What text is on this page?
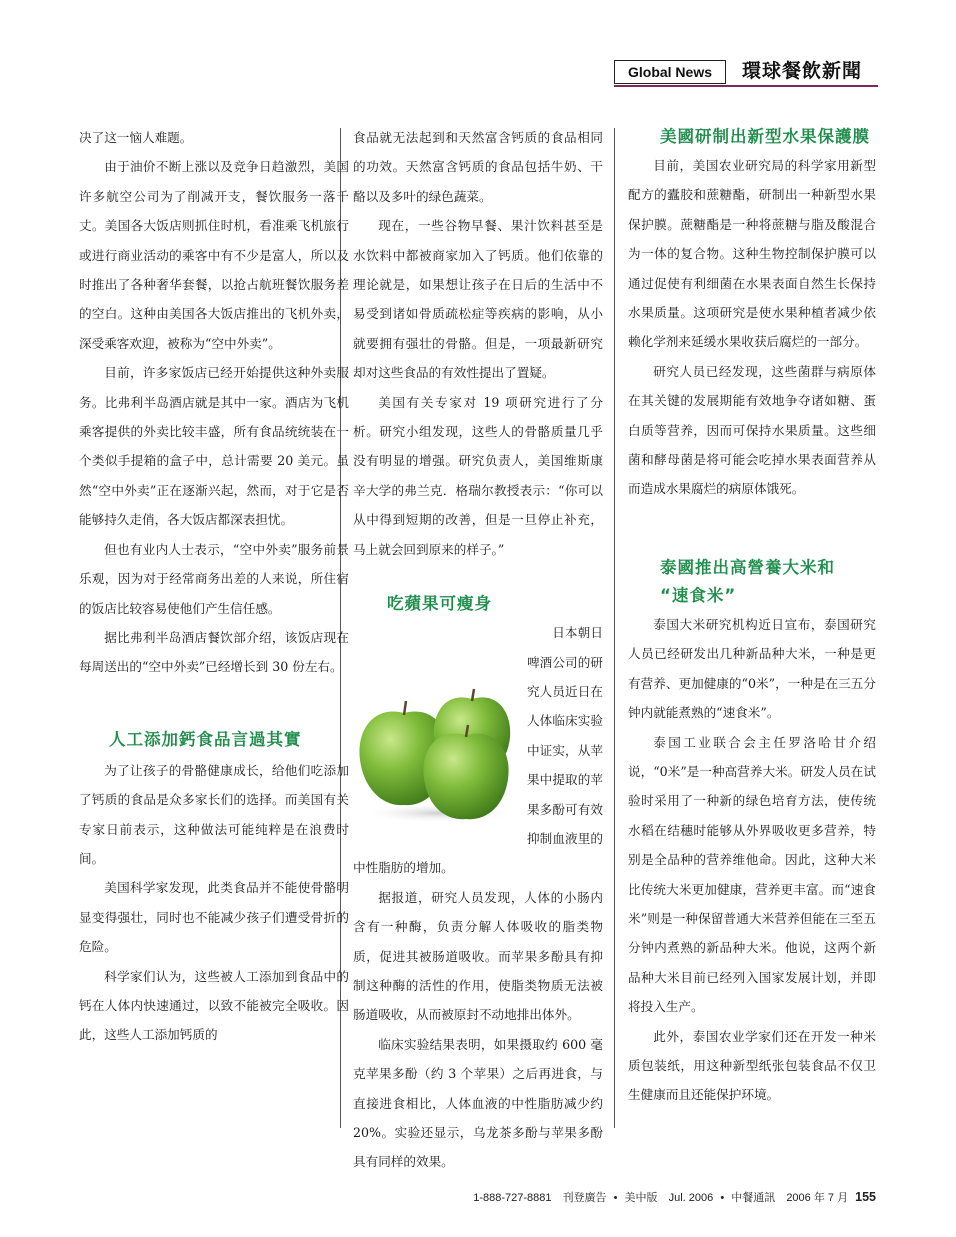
Global News	環球餐飲新聞

决了这一恼人难题。

由于油价不断上涨以及竞争日趋激烈，美国许多航空公司为了削减开支，餐饮服务一落千丈。美国各大饭店则抓住时机，看准乘飞机旅行或进行商业活动的乘客中有不少是富人，所以及时推出了各种奢华套餐，以抢占航班餐饮服务差的空白。这种由美国各大饭店推出的飞机外卖，深受乘客欢迎，被称为“空中外卖”。

目前，许多家饭店已经开始提供这种外卖服务。比弗利半岛酒店就是其中一家。酒店为飞机乘客提供的外卖比较丰盛，所有食品统统装在一个类似手提箱的盒子中，总计需要 20 美元。虽然“空中外卖”正在逐渐兴起，然而，对于它是否能够持久走俏，各大饭店都深表担忧。

但也有业内人士表示，“空中外卖”服务前景乐观，因为对于经常商务出差的人来说，所住宿的饭店比较容易使他们产生信任感。

据比弗利半岛酒店餐饮部介绍，该饭店现在每周送出的“空中外卖”已经增长到 30 份左右。

人工添加鈣食品言過其實

为了让孩子的骨骼健康成长，给他们吃添加了钙质的食品是众多家长们的选择。而美国有关专家日前表示，这种做法可能纯粹是在浪费时间。

美国科学家发现，此类食品并不能使骨骼明显变得强壮，同时也不能减少孩子们遭受骨折的危险。

科学家们认为，这些被人工添加到食品中的钙在人体内快速通过，以致不能被完全吸收。因此，这些人工添加钙质的

食品就无法起到和天然富含钙质的食品相同的功效。天然富含钙质的食品包括牛奶、干酪以及多叶的绿色蔬菜。

现在，一些谷物早餐、果汁饮料甚至是水饮料中都被商家加入了钙质。他们依靠的理论就是，如果想让孩子在日后的生活中不易受到诸如骨质疏松症等疾病的影响，从小就要拥有强壮的骨骼。但是，一项最新研究却对这些食品的有效性提出了置疑。

美国有关专家对 19 项研究进行了分析。研究小组发现，这些人的骨骼质量几乎没有明显的增强。研究负责人，美国维斯康辛大学的弗兰克．格瑞尔教授表示：“你可以从中得到短期的改善，但是一旦停止补充，马上就会回到原来的样子。”

吃蘋果可瘦身

日本朝日啤酒公司的研究人员近日在人体临床实验中证实，从苹果中提取的苹果多酚可有效抑制血液里的中性脂肪的增加。

据报道，研究人员发现，人体的小肠内含有一种酶，负责分解人体吸收的脂类物质，促进其被肠道吸收。而苹果多酚具有抑制这种酶的活性的作用，使脂类物质无法被肠道吸收，从而被原封不动地排出体外。

临床实验结果表明，如果摄取约 600 毫克苹果多酚（约 3 个苹果）之后再进食，与直接进食相比，人体血液的中性脂肪减少约 20%。实验还显示，乌龙茶多酚与苹果多酚具有同样的效果。

美國研制出新型水果保護膜

目前，美国农业研究局的科学家用新型配方的蠹胶和蔗糖酯，研制出一种新型水果保护膜。蔗糖酯是一种将蔗糖与脂及酸混合为一体的复合物。这种生物控制保护膜可以通过促使有利细菌在水果表面自然生长保持水果质量。这项研究是使水果种植者减少依赖化学剂来延缓水果收获后腐烂的一部分。

研究人员已经发现，这些菌群与病原体在其关键的发展期能有效地争夺诸如糖、蛋白质等营养，因而可保持水果质量。这些细菌和酵母菌是将可能会吃掉水果表面营养从而造成水果腐烂的病原体饿死。

泰國推出高營養大米和
“速食米”

泰国大米研究机构近日宣布，泰国研究人员已经研发出几种新品种大米，一种是更有营养、更加健康的“0米”，一种是在三五分钟内就能煮熟的“速食米”。

泰国工业联合会主任罗洛哈甘介绍说，“0米”是一种高营养大米。研发人员在试验时采用了一种新的绿色培育方法，使传统水稻在结穗时能够从外界吸收更多营养，特别是全品种的营养维他命。因此，这种大米比传统大米更加健康，营养更丰富。而“速食米”则是一种保留普通大米营养但能在三至五分钟内煮熟的新品种大米。他说，这两个新品种大米目前已经列入国家发展计划，并即将投入生产。

此外，泰国农业学家们还在开发一种米质包装纸，用这种新型纸张包装食品不仅卫生健康而且还能保护环境。

1-888-727-8881 刊登廣告 • 美中版 Jul. 2006 • 中餐通訊 2006 年 7 月 155
